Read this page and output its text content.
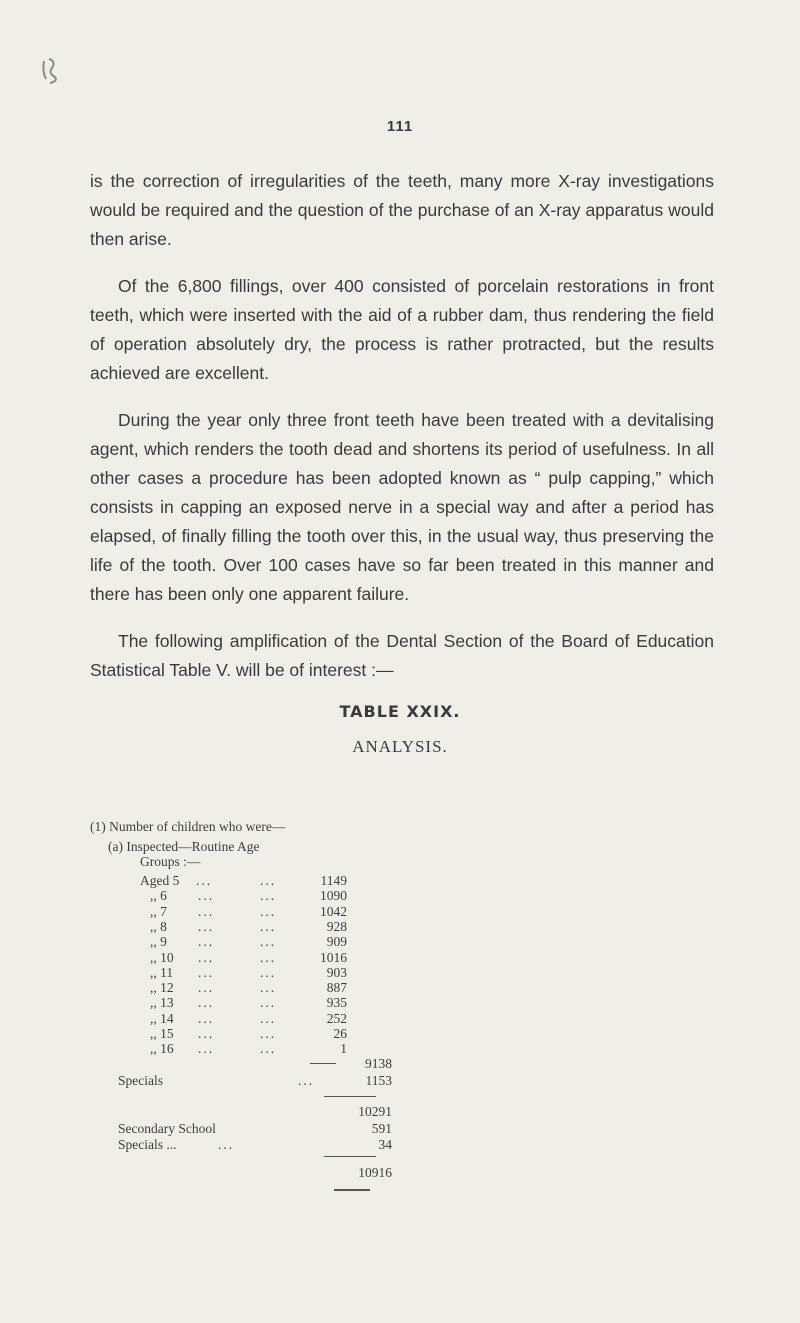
111

is the correction of irregularities of the teeth, many more X-ray investigations would be required and the question of the purchase of an X-ray apparatus would then arise.

Of the 6,800 fillings, over 400 consisted of porcelain restorations in front teeth, which were inserted with the aid of a rubber dam, thus rendering the field of operation absolutely dry, the process is rather protracted, but the results achieved are excellent.

During the year only three front teeth have been treated with a devitalising agent, which renders the tooth dead and shortens its period of usefulness. In all other cases a procedure has been adopted known as “ pulp capping,” which consists in capping an exposed nerve in a special way and after a period has elapsed, of finally filling the tooth over this, in the usual way, thus preserving the life of the tooth. Over 100 cases have so far been treated in this manner and there has been only one apparent failure.

The following amplification of the Dental Section of the Board of Education Statistical Table V. will be of interest :—

TABLE XXIX.
ANALYSIS.
(1) Number of children who were—
(a) Inspected—Routine Age
Groups :—
Aged 5 ...	...	1149
,, 6 ...	...	1090
,, 7 ...	...	1042
,, 8 ...	...	928
,, 9 ...	...	909
,, 10 ...	...	1016
,, 11 ...	...	903
,, 12 ...	...	887
,, 13 ...	...	935
,, 14 ...	...	252
,, 15 ...	...	26
,, 16 ...	...	1
9138
Specials	...	1153
10291
Secondary School	591
Specials ...	...	34
10916
